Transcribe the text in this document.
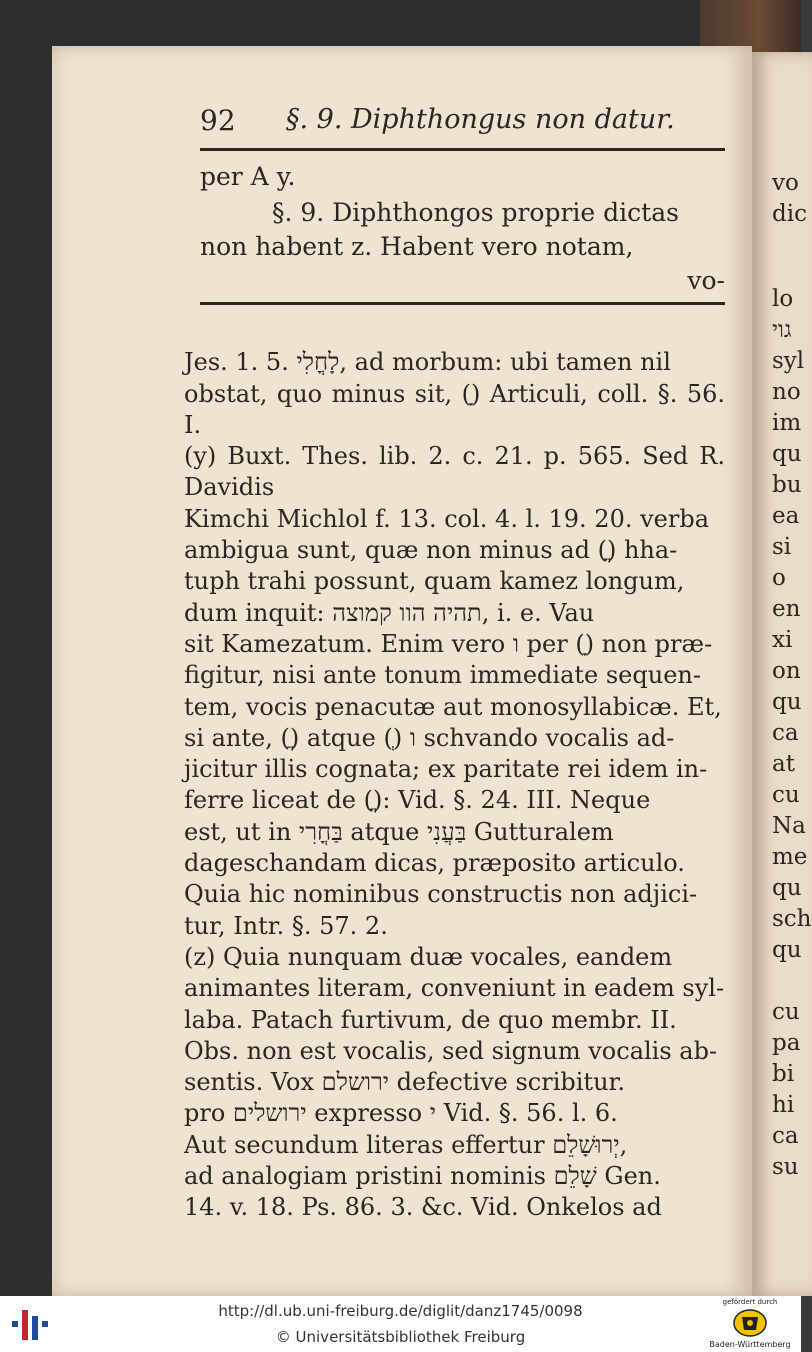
92 §. 9. Diphthongus non datur.
per A y.
§. 9. Diphthongos proprie dictas
non habent z. Habent vero notam,
vo-

Jes. 1. 5. לָחֳלִי, ad morbum: ubi tamen nil
obstat, quo minus sit, (ָ) Articuli, coll. §. 56. I.
(y) Buxt. Thes. lib. 2. c. 21. p. 565. Sed R. Davidis
Kimchi Michlol f. 13. col. 4. l. 19. 20. verba
ambigua sunt, quæ non minus ad (ֳ) hha-
tuph trahi possunt, quam kamez longum,
dum inquit: תהיה הוו קמוצה, i. e. Vau
sit Kamezatum. Enim vero ו per (ָ) non præ-
figitur, nisi ante tonum immediate sequen-
tem, vocis penacutæ aut monosyllabicæ. Et,
si ante, (ֲ) atque (ְ) ו schvando vocalis ad-
jicitur illis cognata; ex paritate rei idem in-
ferre liceat de (ֳ): Vid. §. 24. III. Neque
est, ut in בַּחֳרִי atque בַּעֲנִי Gutturalem
dageschandam dicas, præposito articulo.
Quia hic nominibus constructis non adjici-
tur, Intr. §. 57. 2.
(z) Quia nunquam duæ vocales, eandem
animantes literam, conveniunt in eadem syl-
laba. Patach furtivum, de quo membr. II.
Obs. non est vocalis, sed signum vocalis ab-
sentis. Vox ירושלם defective scribitur.
pro ירושלים expresso י Vid. §. 56. l. 6.
Aut secundum literas effertur יְרוּשָׁלֵם,
ad analogiam pristini nominis שָׁלֵם Gen.
14. v. 18. Ps. 86. 3. &c. Vid. Onkelos ad

vo
dic
lo
גוי
syl
no
im
qu
bu
ea
si o
en
xi
on
qu
ca
at
cu
Na
me
qu
sch
qu

cu
pa
bi
hi
ca
su
http://dl.ub.uni-freiburg.de/diglit/danz1745/0098
© Universitätsbibliothek Freiburg
gefördert durch
Baden-Württemberg
